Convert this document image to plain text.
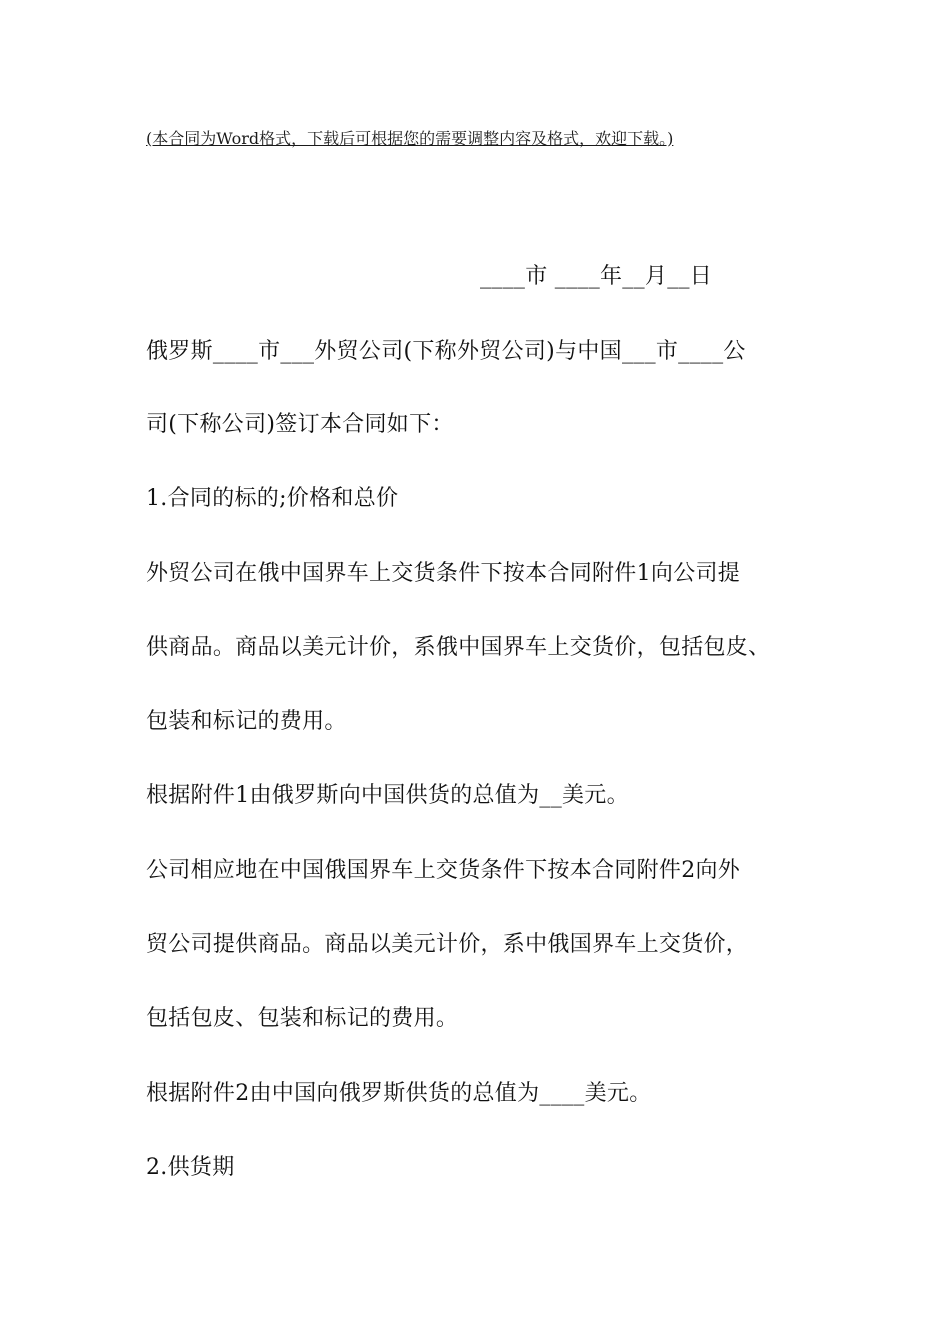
(本合同为Word格式，下载后可根据您的需要调整内容及格式，欢迎下载。)
____市 ____年__月__日
俄罗斯____市___外贸公司(下称外贸公司)与中国___市____公
司(下称公司)签订本合同如下：
1.合同的标的;价格和总价
外贸公司在俄中国界车上交货条件下按本合同附件1向公司提
供商品。商品以美元计价，系俄中国界车上交货价，包括包皮、
包装和标记的费用。
根据附件1由俄罗斯向中国供货的总值为__美元。
公司相应地在中国俄国界车上交货条件下按本合同附件2向外
贸公司提供商品。商品以美元计价，系中俄国界车上交货价，
包括包皮、包装和标记的费用。
根据附件2由中国向俄罗斯供货的总值为____美元。
2.供货期
